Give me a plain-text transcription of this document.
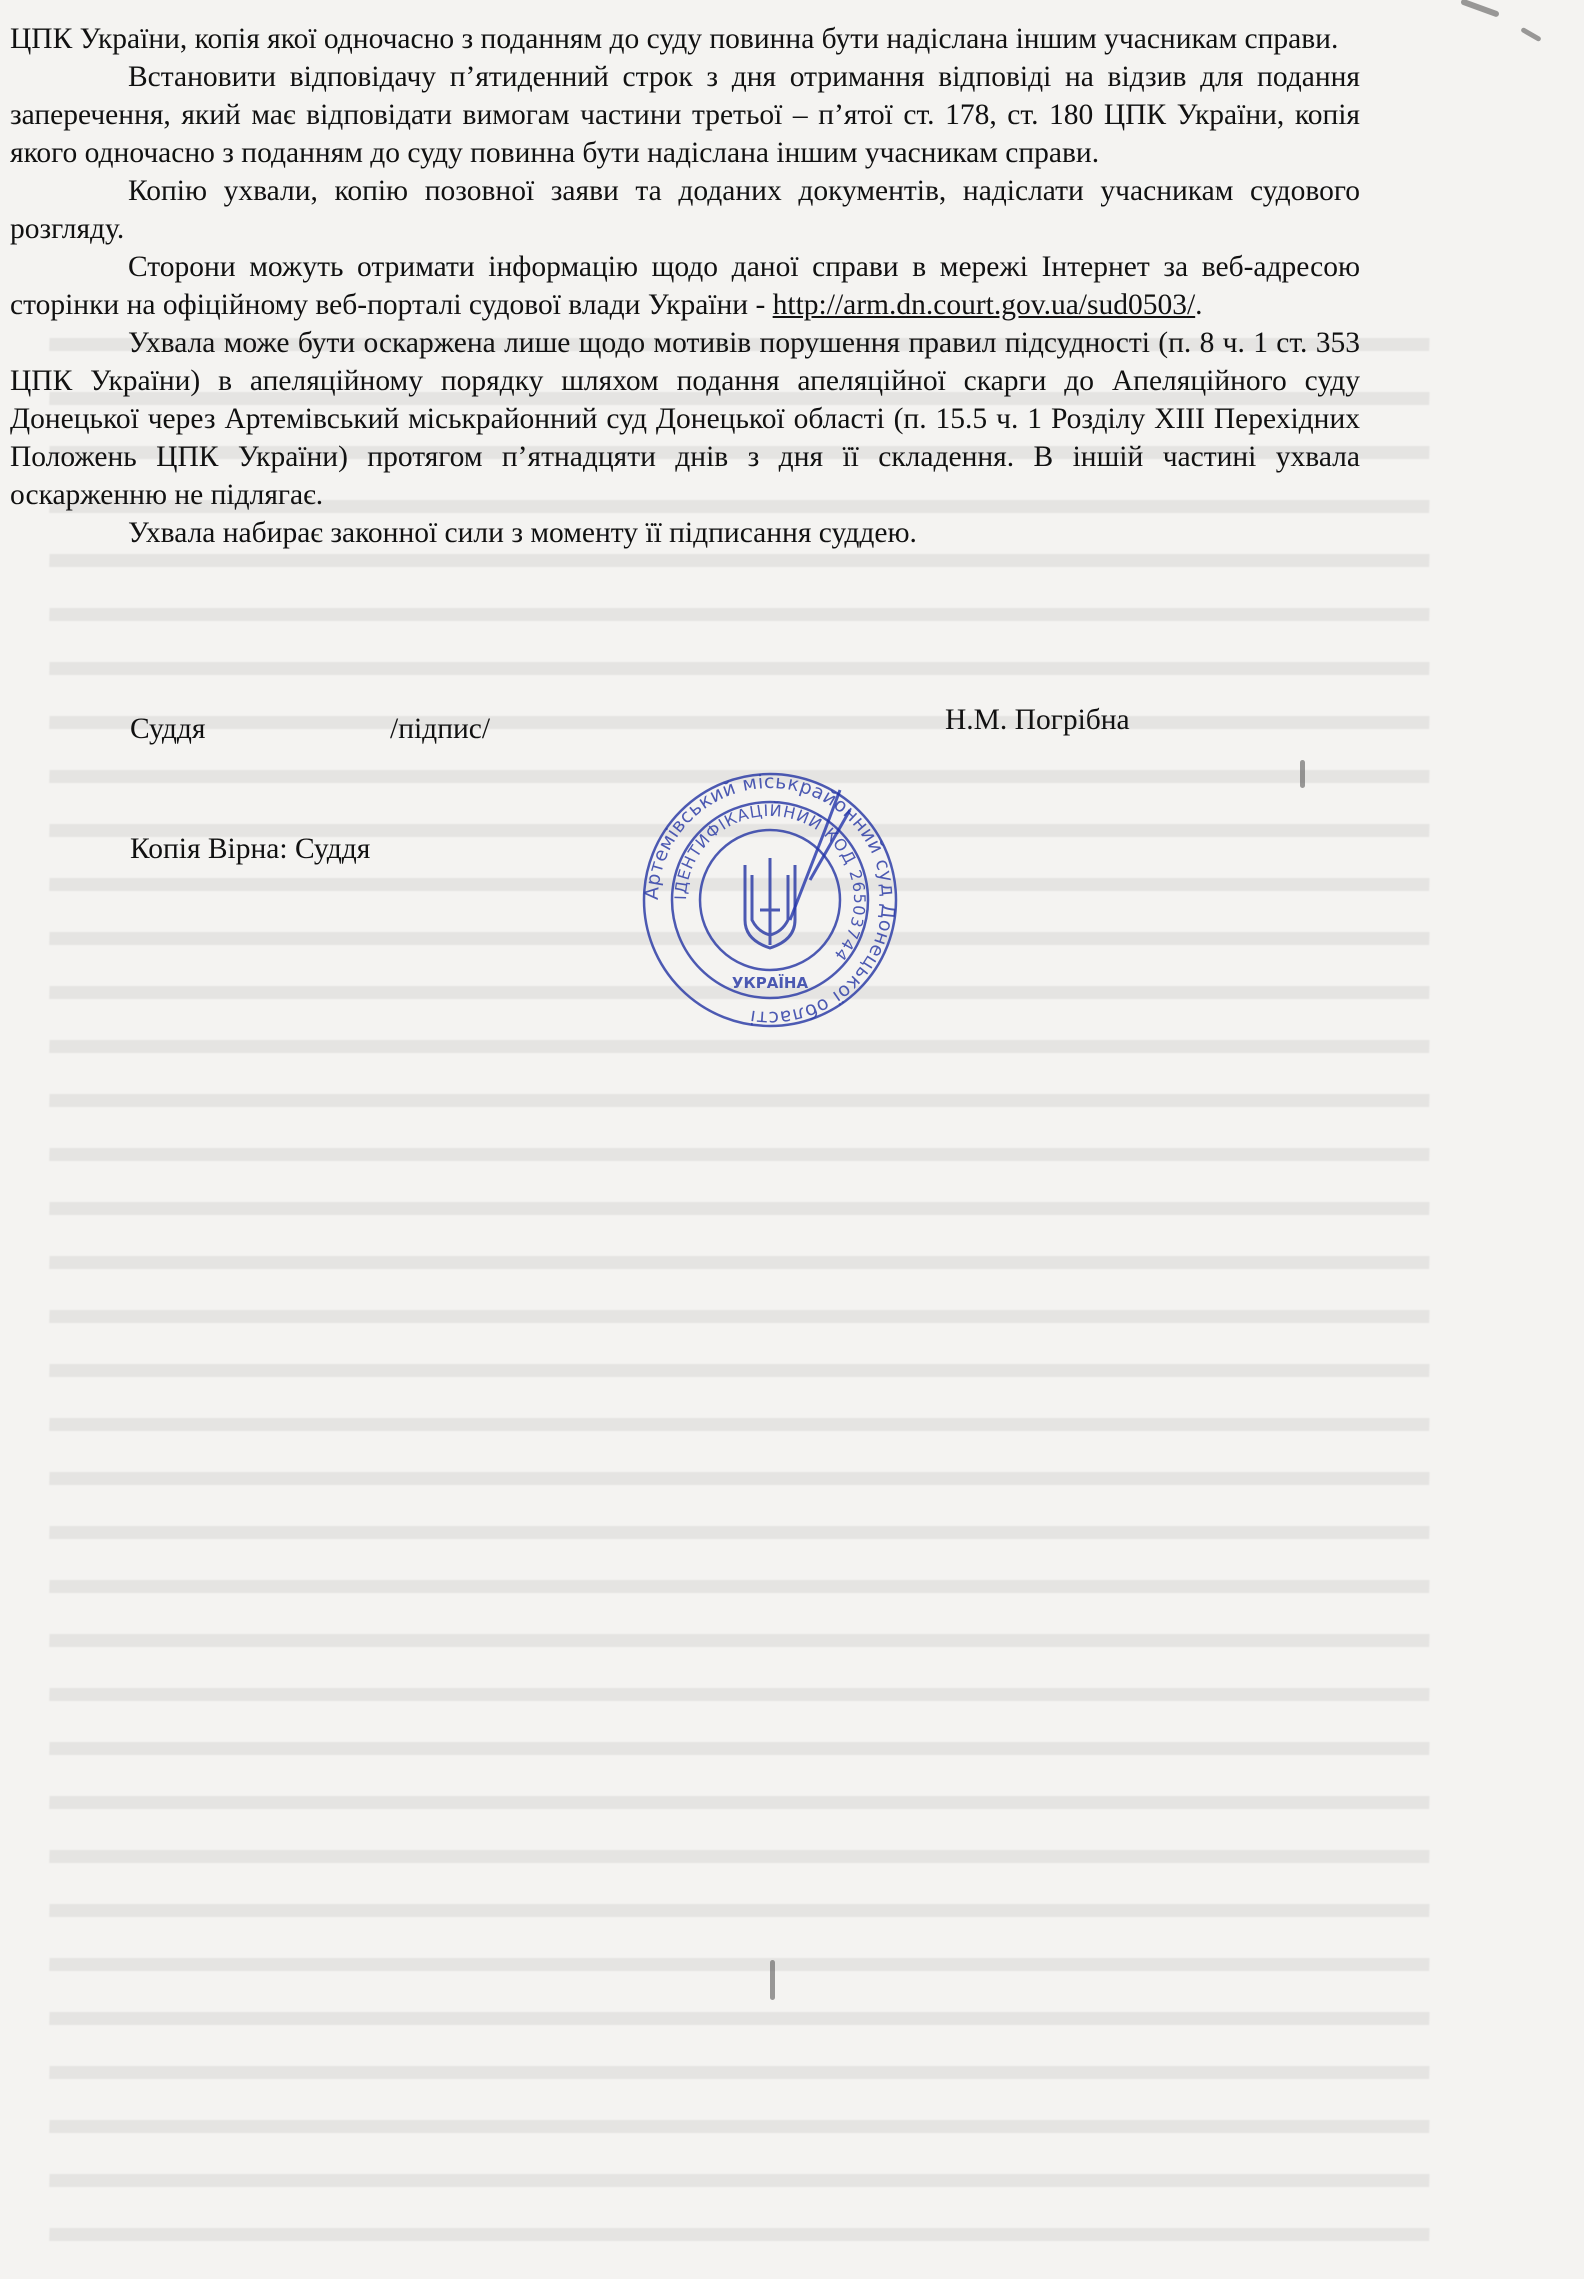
ЦПК України, копія якої одночасно з поданням до суду повинна бути надіслана іншим учасникам справи.

Встановити відповідачу п’ятиденний строк з дня отримання відповіді на відзив для подання заперечення, який має відповідати вимогам частини третьої – п’ятої ст. 178, ст. 180 ЦПК України, копія якого одночасно з поданням до суду повинна бути надіслана іншим учасникам справи.

Копію ухвали, копію позовної заяви та доданих документів, надіслати учасникам судового розгляду.

Сторони можуть отримати інформацію щодо даної справи в мережі Інтернет за веб-адресою сторінки на офіційному веб-порталі судової влади України - http://arm.dn.court.gov.ua/sud0503/.

Ухвала може бути оскаржена лише щодо мотивів порушення правил підсудності (п. 8 ч. 1 ст. 353 ЦПК України) в апеляційному порядку шляхом подання апеляційної скарги до Апеляційного суду Донецької через Артемівський міськрайонний суд Донецької області (п. 15.5 ч. 1 Розділу ХІІІ Перехідних Положень ЦПК України) протягом п’ятнадцяти днів з дня її складення. В іншій частині ухвала оскарженню не підлягає.

Ухвала набирає законної сили з моменту її підписання суддею.

Суддя	/підпис/	Н.М. Погрібна
Копія Вірна: Суддя
Артемівський міськрайонний суд Донецької області
ІДЕНТИФІКАЦІЙНИЙ КОД 26503744
УКРАЇНА
